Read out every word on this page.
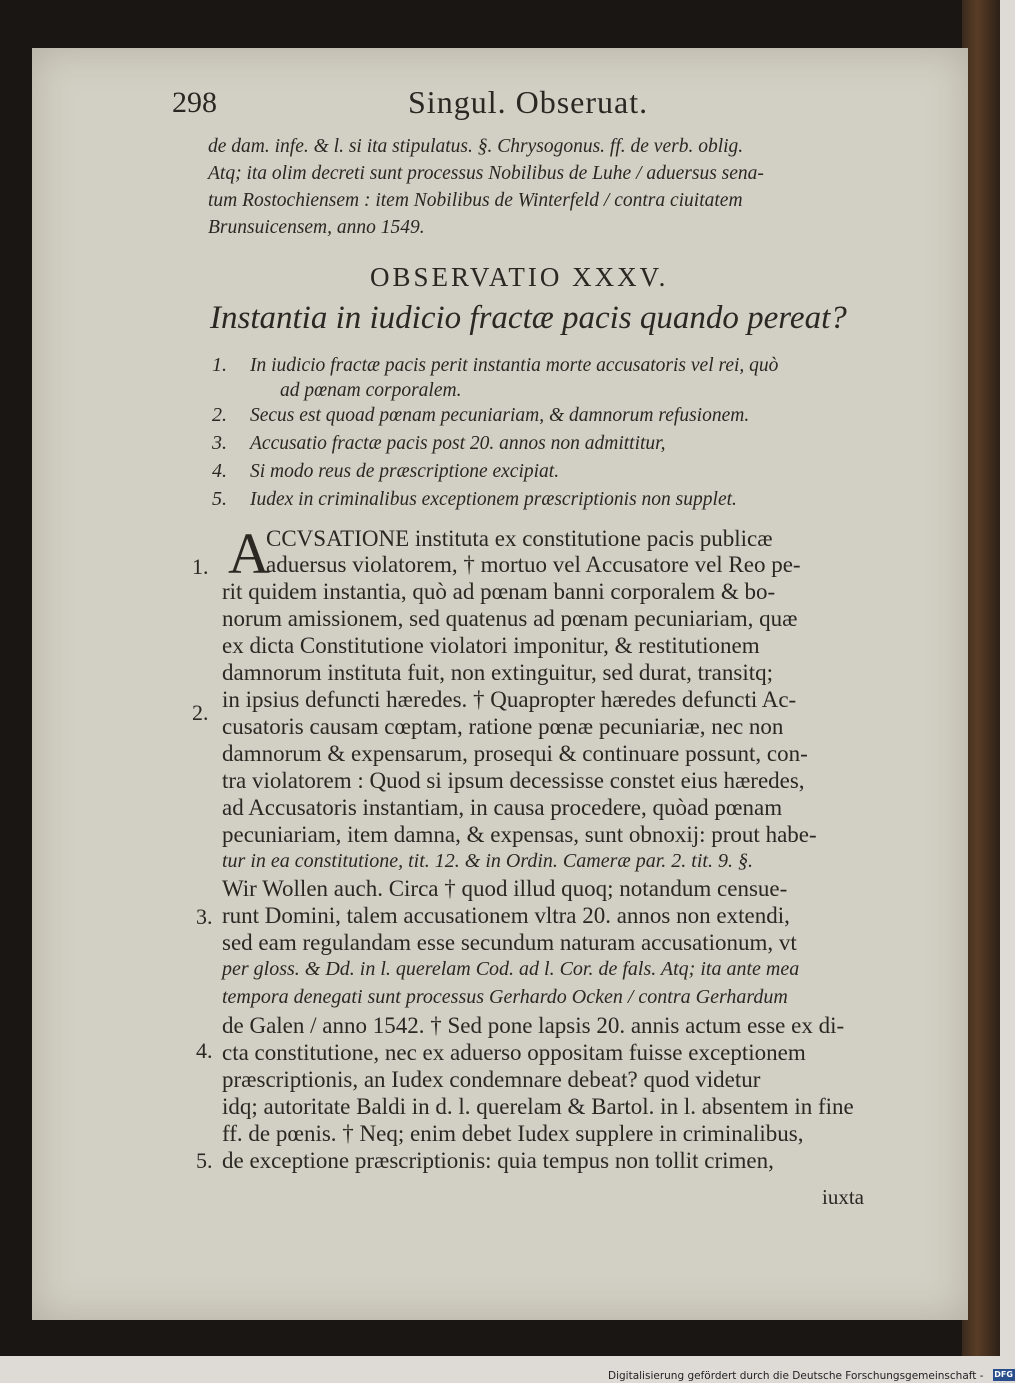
298	Singul. Obseruat.
de dam. infe. & l. si ita stipulatus. §. Chrysogonus. ff. de verb. oblig.
Atq; ita olim decreti sunt processus Nobilibus de Luhe / aduersus sena-
tum Rostochiensem : item Nobilibus de Winterfeld / contra ciuitatem
Brunsuicensem, anno 1549.
OBSERVATIO XXXV.
Instantia in iudicio fractæ pacis quando pereat?
1. In iudicio fractæ pacis perit instantia morte accusatoris vel rei, quò
ad pœnam corporalem.
2. Secus est quoad pœnam pecuniariam, & damnorum refusionem.
3. Accusatio fractæ pacis post 20. annos non admittitur,
4. Si modo reus de præscriptione excipiat.
5. Iudex in criminalibus exceptionem præscriptionis non supplet.
A
CCVSATIONE instituta ex constitutione pacis publicæ
aduersus violatorem, † mortuo vel Accusatore vel Reo pe-
rit quidem instantia, quò ad pœnam banni corporalem & bo-
norum amissionem, sed quatenus ad pœnam pecuniariam, quæ
ex dicta Constitutione violatori imponitur, & restitutionem
damnorum instituta fuit, non extinguitur, sed durat, transitq;
in ipsius defuncti hæredes. † Quapropter hæredes defuncti Ac-
cusatoris causam cœptam, ratione pœnæ pecuniariæ, nec non
damnorum & expensarum, prosequi & continuare possunt, con-
tra violatorem : Quod si ipsum decessisse constet eius hæredes,
ad Accusatoris instantiam, in causa procedere, quòad pœnam
pecuniariam, item damna, & expensas, sunt obnoxij: prout habe-
tur in ea constitutione, tit. 12. & in Ordin. Cameræ par. 2. tit. 9. §.
Wir Wollen auch. Circa † quod illud quoq; notandum censue-
runt Domini, talem accusationem vltra 20. annos non extendi,
sed eam regulandam esse secundum naturam accusationum, vt
per gloss. & Dd. in l. querelam Cod. ad l. Cor. de fals. Atq; ita ante mea
tempora denegati sunt processus Gerhardo Ocken / contra Gerhardum
de Galen / anno 1542. † Sed pone lapsis 20. annis actum esse ex di-
cta constitutione, nec ex aduerso oppositam fuisse exceptionem
præscriptionis, an Iudex condemnare debeat? quod videtur
idq; autoritate Baldi in d. l. querelam & Bartol. in l. absentem in fine
ff. de pœnis. † Neq; enim debet Iudex supplere in criminalibus,
de exceptione præscriptionis: quia tempus non tollit crimen,
1.
2.
3.
4.
5.
iuxta
Digitalisierung gefördert durch die Deutsche Forschungsgemeinschaft - DFG
